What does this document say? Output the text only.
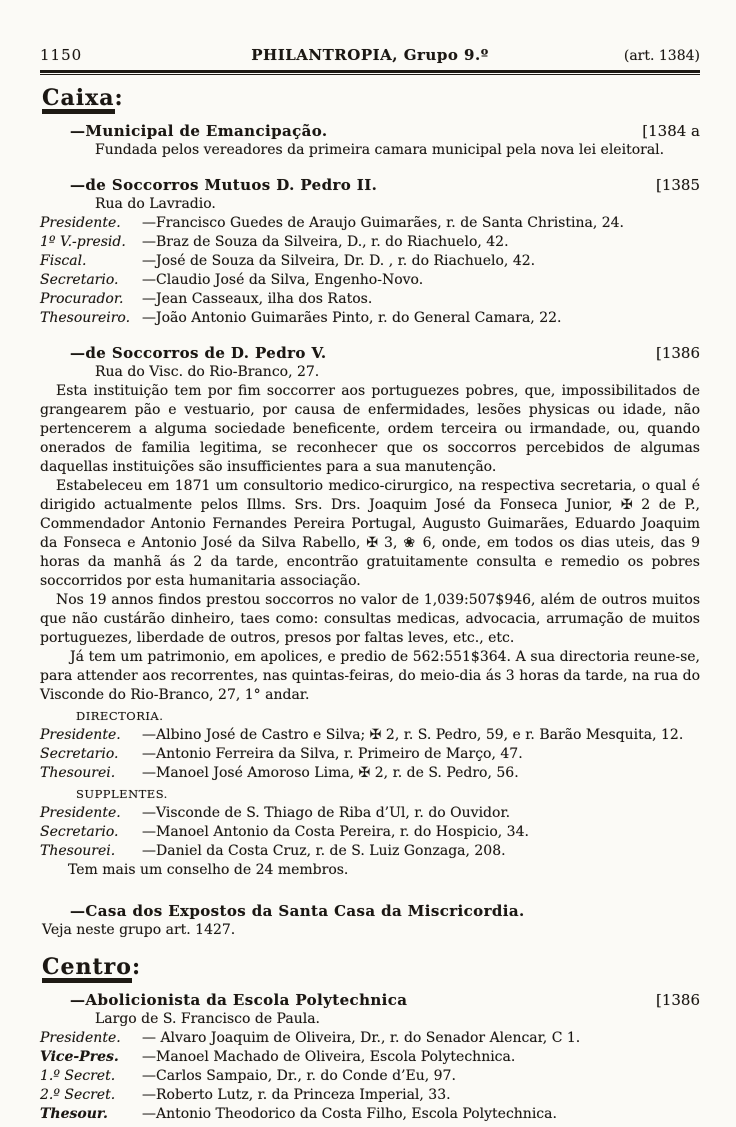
1150	PHILANTROPIA, Grupo 9.º	(art. 1384)
Caixa:
—Municipal de Emancipação.	[1384 a
Fundada pelos vereadores da primeira camara municipal pela nova lei eleitoral.
—de Soccorros Mutuos D. Pedro II.	[1385
Rua do Lavradio.
Presidente.	—Francisco Guedes de Araujo Guimarães, r. de Santa Christina, 24.
1º V.-presid.	—Braz de Souza da Silveira, D., r. do Riachuelo, 42.
Fiscal.	—José de Souza da Silveira, Dr. D. , r. do Riachuelo, 42.
Secretario.	—Claudio José da Silva, Engenho-Novo.
Procurador.	—Jean Casseaux, ilha dos Ratos.
Thesoureiro. —João Antonio Guimarães Pinto, r. do General Camara, 22.
—de Soccorros de D. Pedro V.	[1386
Rua do Visc. do Rio-Branco, 27.

Esta instituição tem por fim soccorrer aos portuguezes pobres, que, impossibilitados de grangearem pão e vestuario, por causa de enfermidades, lesões physicas ou idade, não pertencerem a alguma sociedade beneficente, ordem terceira ou irmandade, ou, quando onerados de familia legitima, se reconhecer que os soccorros percebidos de algumas daquellas instituições são insufficientes para a sua manutenção.

Estabeleceu em 1871 um consultorio medico-cirurgico, na respectiva secretaria, o qual é dirigido actualmente pelos Illms. Srs. Drs. Joaquim José da Fonseca Junior, ✠ 2 de P., Commendador Antonio Fernandes Pereira Portugal, Augusto Guimarães, Eduardo Joaquim da Fonseca e Antonio José da Silva Rabello, ✠ 3, ❀ 6, onde, em todos os dias uteis, das 9 horas da manhã ás 2 da tarde, encontrão gratuitamente consulta e remedio os pobres soccorridos por esta humanitaria associação.

Nos 19 annos findos prestou soccorros no valor de 1,039:507$946, além de outros muitos que não custárão dinheiro, taes como: consultas medicas, advocacia, arrumação de muitos portuguezes, liberdade de outros, presos por faltas leves, etc., etc.

Já tem um patrimonio, em apolices, e predio de 562:551$364. A sua directoria reune-se, para attender aos recorrentes, nas quintas-feiras, do meio-dia ás 3 horas da tarde, na rua do Visconde do Rio-Branco, 27, 1° andar.

DIRECTORIA.
Presidente.	—Albino José de Castro e Silva; ✠ 2, r. S. Pedro, 59, e r. Barão Mesquita, 12.
Secretario.	—Antonio Ferreira da Silva, r. Primeiro de Março, 47.
Thesourei.	—Manoel José Amoroso Lima, ✠ 2, r. de S. Pedro, 56.
SUPPLENTES.
Presidente.	—Visconde de S. Thiago de Riba d’Ul, r. do Ouvidor.
Secretario.	—Manoel Antonio da Costa Pereira, r. do Hospicio, 34.
Thesourei.	—Daniel da Costa Cruz, r. de S. Luiz Gonzaga, 208.
Tem mais um conselho de 24 membros.
—Casa dos Expostos da Santa Casa da Miscricordia.
Veja neste grupo art. 1427.
Centro:
—Abolicionista da Escola Polytechnica	[1386
Largo de S. Francisco de Paula.
Presidente.	— Alvaro Joaquim de Oliveira, Dr., r. do Senador Alencar, C 1.
Vice-Pres.	—Manoel Machado de Oliveira, Escola Polytechnica.
1.º Secret.	—Carlos Sampaio, Dr., r. do Conde d’Eu, 97.
2.º Secret.	—Roberto Lutz, r. da Princeza Imperial, 33.
Thesour.	—Antonio Theodorico da Costa Filho, Escola Polytechnica.
